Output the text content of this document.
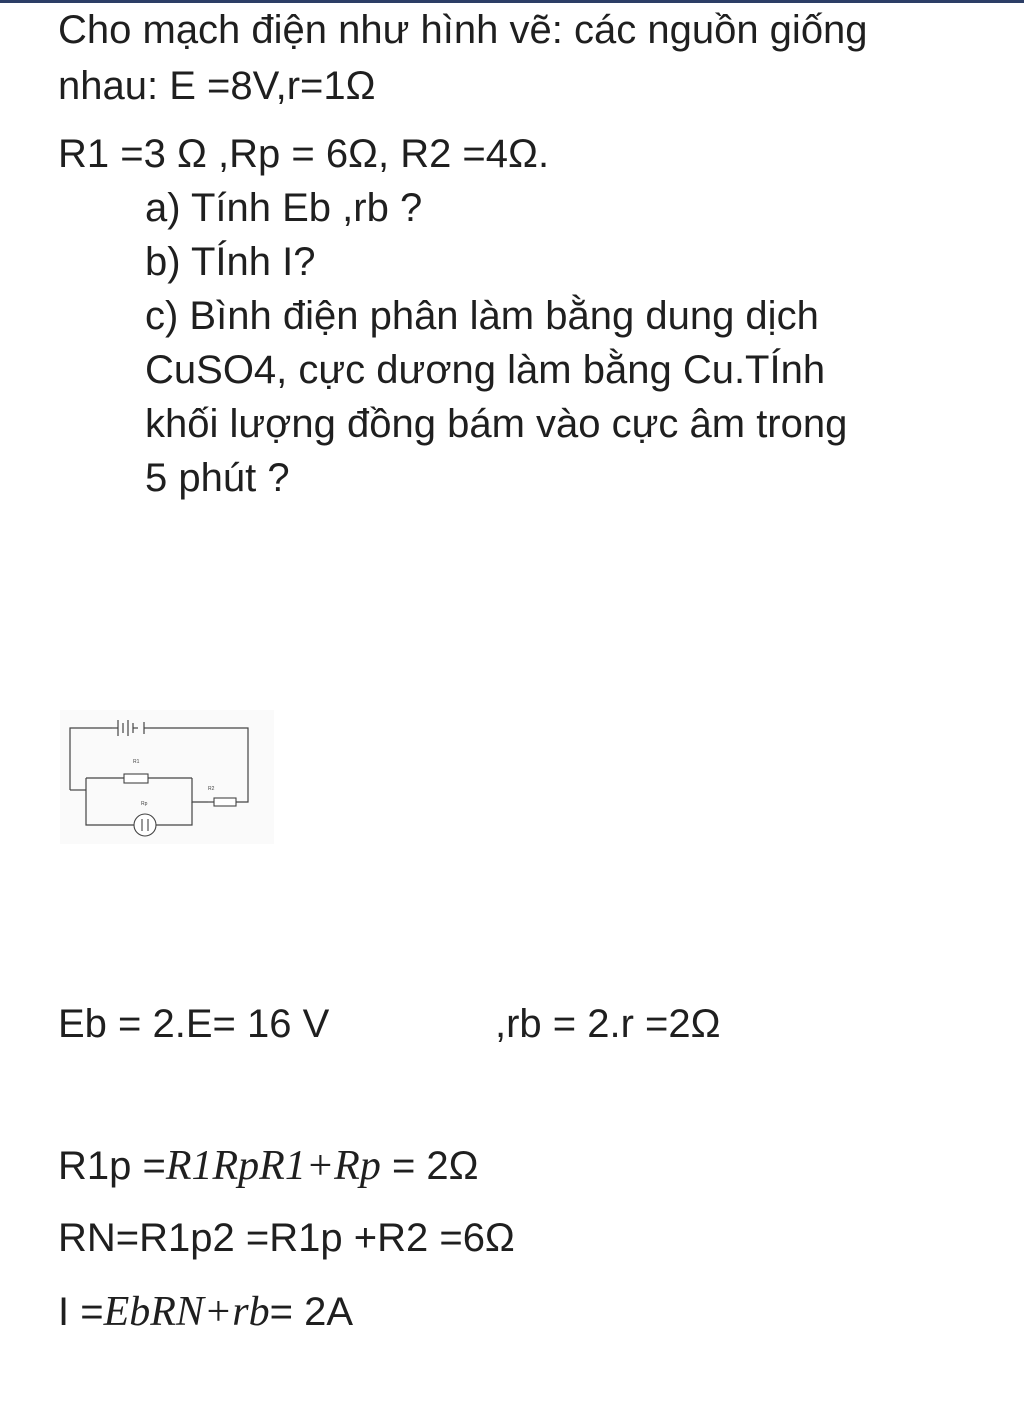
Cho mạch điện như hình vẽ: các nguồn giống

nhau: E =8V,r=1Ω

R1 =3 Ω ,Rp = 6Ω, R2 =4Ω.

a) Tính Eb ,rb ?

b) TÍnh I?

c) Bình điện phân làm bằng dung dịch

CuSO4, cực dương làm bằng Cu.TÍnh

khối lượng đồng bám vào cực âm trong

5 phút ?

R1
Rp
R2

Eb = 2.E= 16 V	,rb = 2.r =2Ω

R1p =R1RpR1+Rp = 2Ω

RN=R1p2 =R1p +R2 =6Ω

I =EbRN+rb= 2A
